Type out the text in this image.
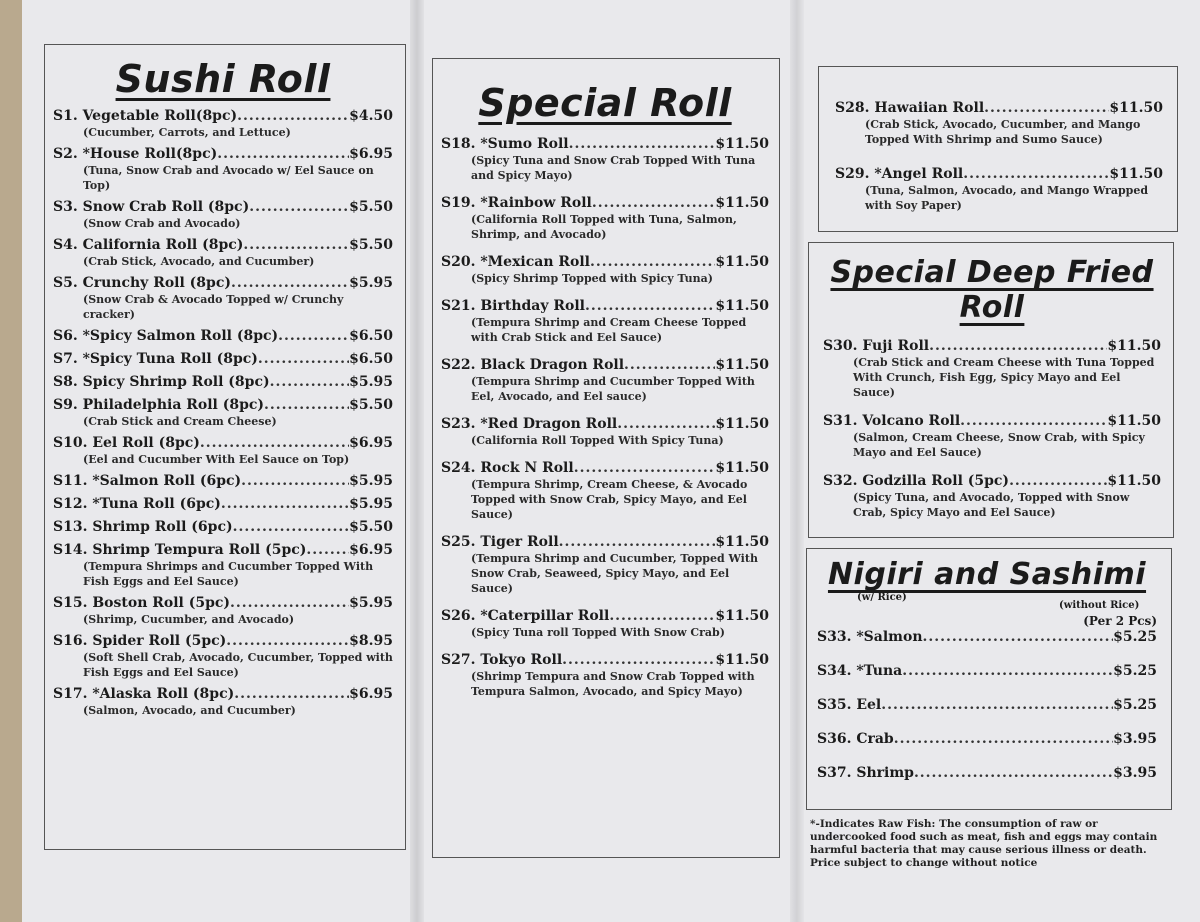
Sushi Roll
S1. Vegetable Roll(8pc) .....	$4.50
(Cucumber, Carrots, and Lettuce)
S2. *House Roll(8pc) .....	$6.95
(Tuna, Snow Crab and Avocado w/ Eel Sauce on Top)
S3. Snow Crab Roll (8pc) .....	$5.50
(Snow Crab and Avocado)
S4. California Roll (8pc) .....	$5.50
(Crab Stick, Avocado, and Cucumber)
S5. Crunchy Roll (8pc) .....	$5.95
(Snow Crab & Avocado Topped w/ Crunchy cracker)
S6. *Spicy Salmon Roll (8pc) .....	$6.50
S7. *Spicy Tuna Roll (8pc) .....	$6.50
S8. Spicy Shrimp Roll (8pc) .....	$5.95
S9. Philadelphia Roll (8pc) .....	$5.50
(Crab Stick and Cream Cheese)
S10. Eel Roll (8pc) .....	$6.95
(Eel and Cucumber With Eel Sauce on Top)
S11. *Salmon Roll (6pc) .....	$5.95
S12. *Tuna Roll (6pc) .....	$5.95
S13. Shrimp Roll (6pc) .....	$5.50
S14. Shrimp Tempura Roll (5pc) .....	$6.95
(Tempura Shrimps and Cucumber Topped With Fish Eggs and Eel Sauce)
S15. Boston Roll (5pc) .....	$5.95
(Shrimp, Cucumber, and Avocado)
S16. Spider Roll (5pc) .....	$8.95
(Soft Shell Crab, Avocado, Cucumber, Topped with Fish Eggs and Eel Sauce)
S17. *Alaska Roll (8pc) .....	$6.95
(Salmon, Avocado, and Cucumber)
Special Roll
S18. *Sumo Roll .....	$11.50
(Spicy Tuna and Snow Crab Topped With Tuna and Spicy Mayo)
S19. *Rainbow Roll .....	$11.50
(California Roll Topped with Tuna, Salmon, Shrimp, and Avocado)
S20. *Mexican Roll .....	$11.50
(Spicy Shrimp Topped with Spicy Tuna)
S21. Birthday Roll .....	$11.50
(Tempura Shrimp and Cream Cheese Topped with Crab Stick and Eel Sauce)
S22. Black Dragon Roll .....	$11.50
(Tempura Shrimp and Cucumber Topped With Eel, Avocado, and Eel sauce)
S23. *Red Dragon Roll .....	$11.50
(California Roll Topped With Spicy Tuna)
S24. Rock N Roll .....	$11.50
(Tempura Shrimp, Cream Cheese, & Avocado Topped with Snow Crab, Spicy Mayo, and Eel Sauce)
S25. Tiger Roll .....	$11.50
(Tempura Shrimp and Cucumber, Topped With Snow Crab, Seaweed, Spicy Mayo, and Eel Sauce)
S26. *Caterpillar Roll .....	$11.50
(Spicy Tuna roll Topped With Snow Crab)
S27. Tokyo Roll .....	$11.50
(Shrimp Tempura and Snow Crab Topped with Tempura Salmon, Avocado, and Spicy Mayo)
S28. Hawaiian Roll .....	$11.50
(Crab Stick, Avocado, Cucumber, and Mango Topped With Shrimp and Sumo Sauce)
S29. *Angel Roll .....	$11.50
(Tuna, Salmon, Avocado, and Mango Wrapped with Soy Paper)
Special Deep Fried Roll
S30. Fuji Roll .....	$11.50
(Crab Stick and Cream Cheese with Tuna Topped With Crunch, Fish Egg, Spicy Mayo and Eel Sauce)
S31. Volcano Roll .....	$11.50
(Salmon, Cream Cheese, Snow Crab, with Spicy Mayo and Eel Sauce)
S32. Godzilla Roll (5pc) .....	$11.50
(Spicy Tuna, and Avocado, Topped with Snow Crab, Spicy Mayo and Eel Sauce)
Nigiri and Sashimi
(w/ Rice)
(without Rice)
(Per 2 Pcs)
S33. *Salmon .....	$5.25
S34. *Tuna .....	$5.25
S35. Eel .....	$5.25
S36. Crab .....	$3.95
S37. Shrimp .....	$3.95
*-Indicates Raw Fish: The consumption of raw or undercooked food such as meat, fish and eggs may contain harmful bacteria that may cause serious illness or death. Price subject to change without notice
